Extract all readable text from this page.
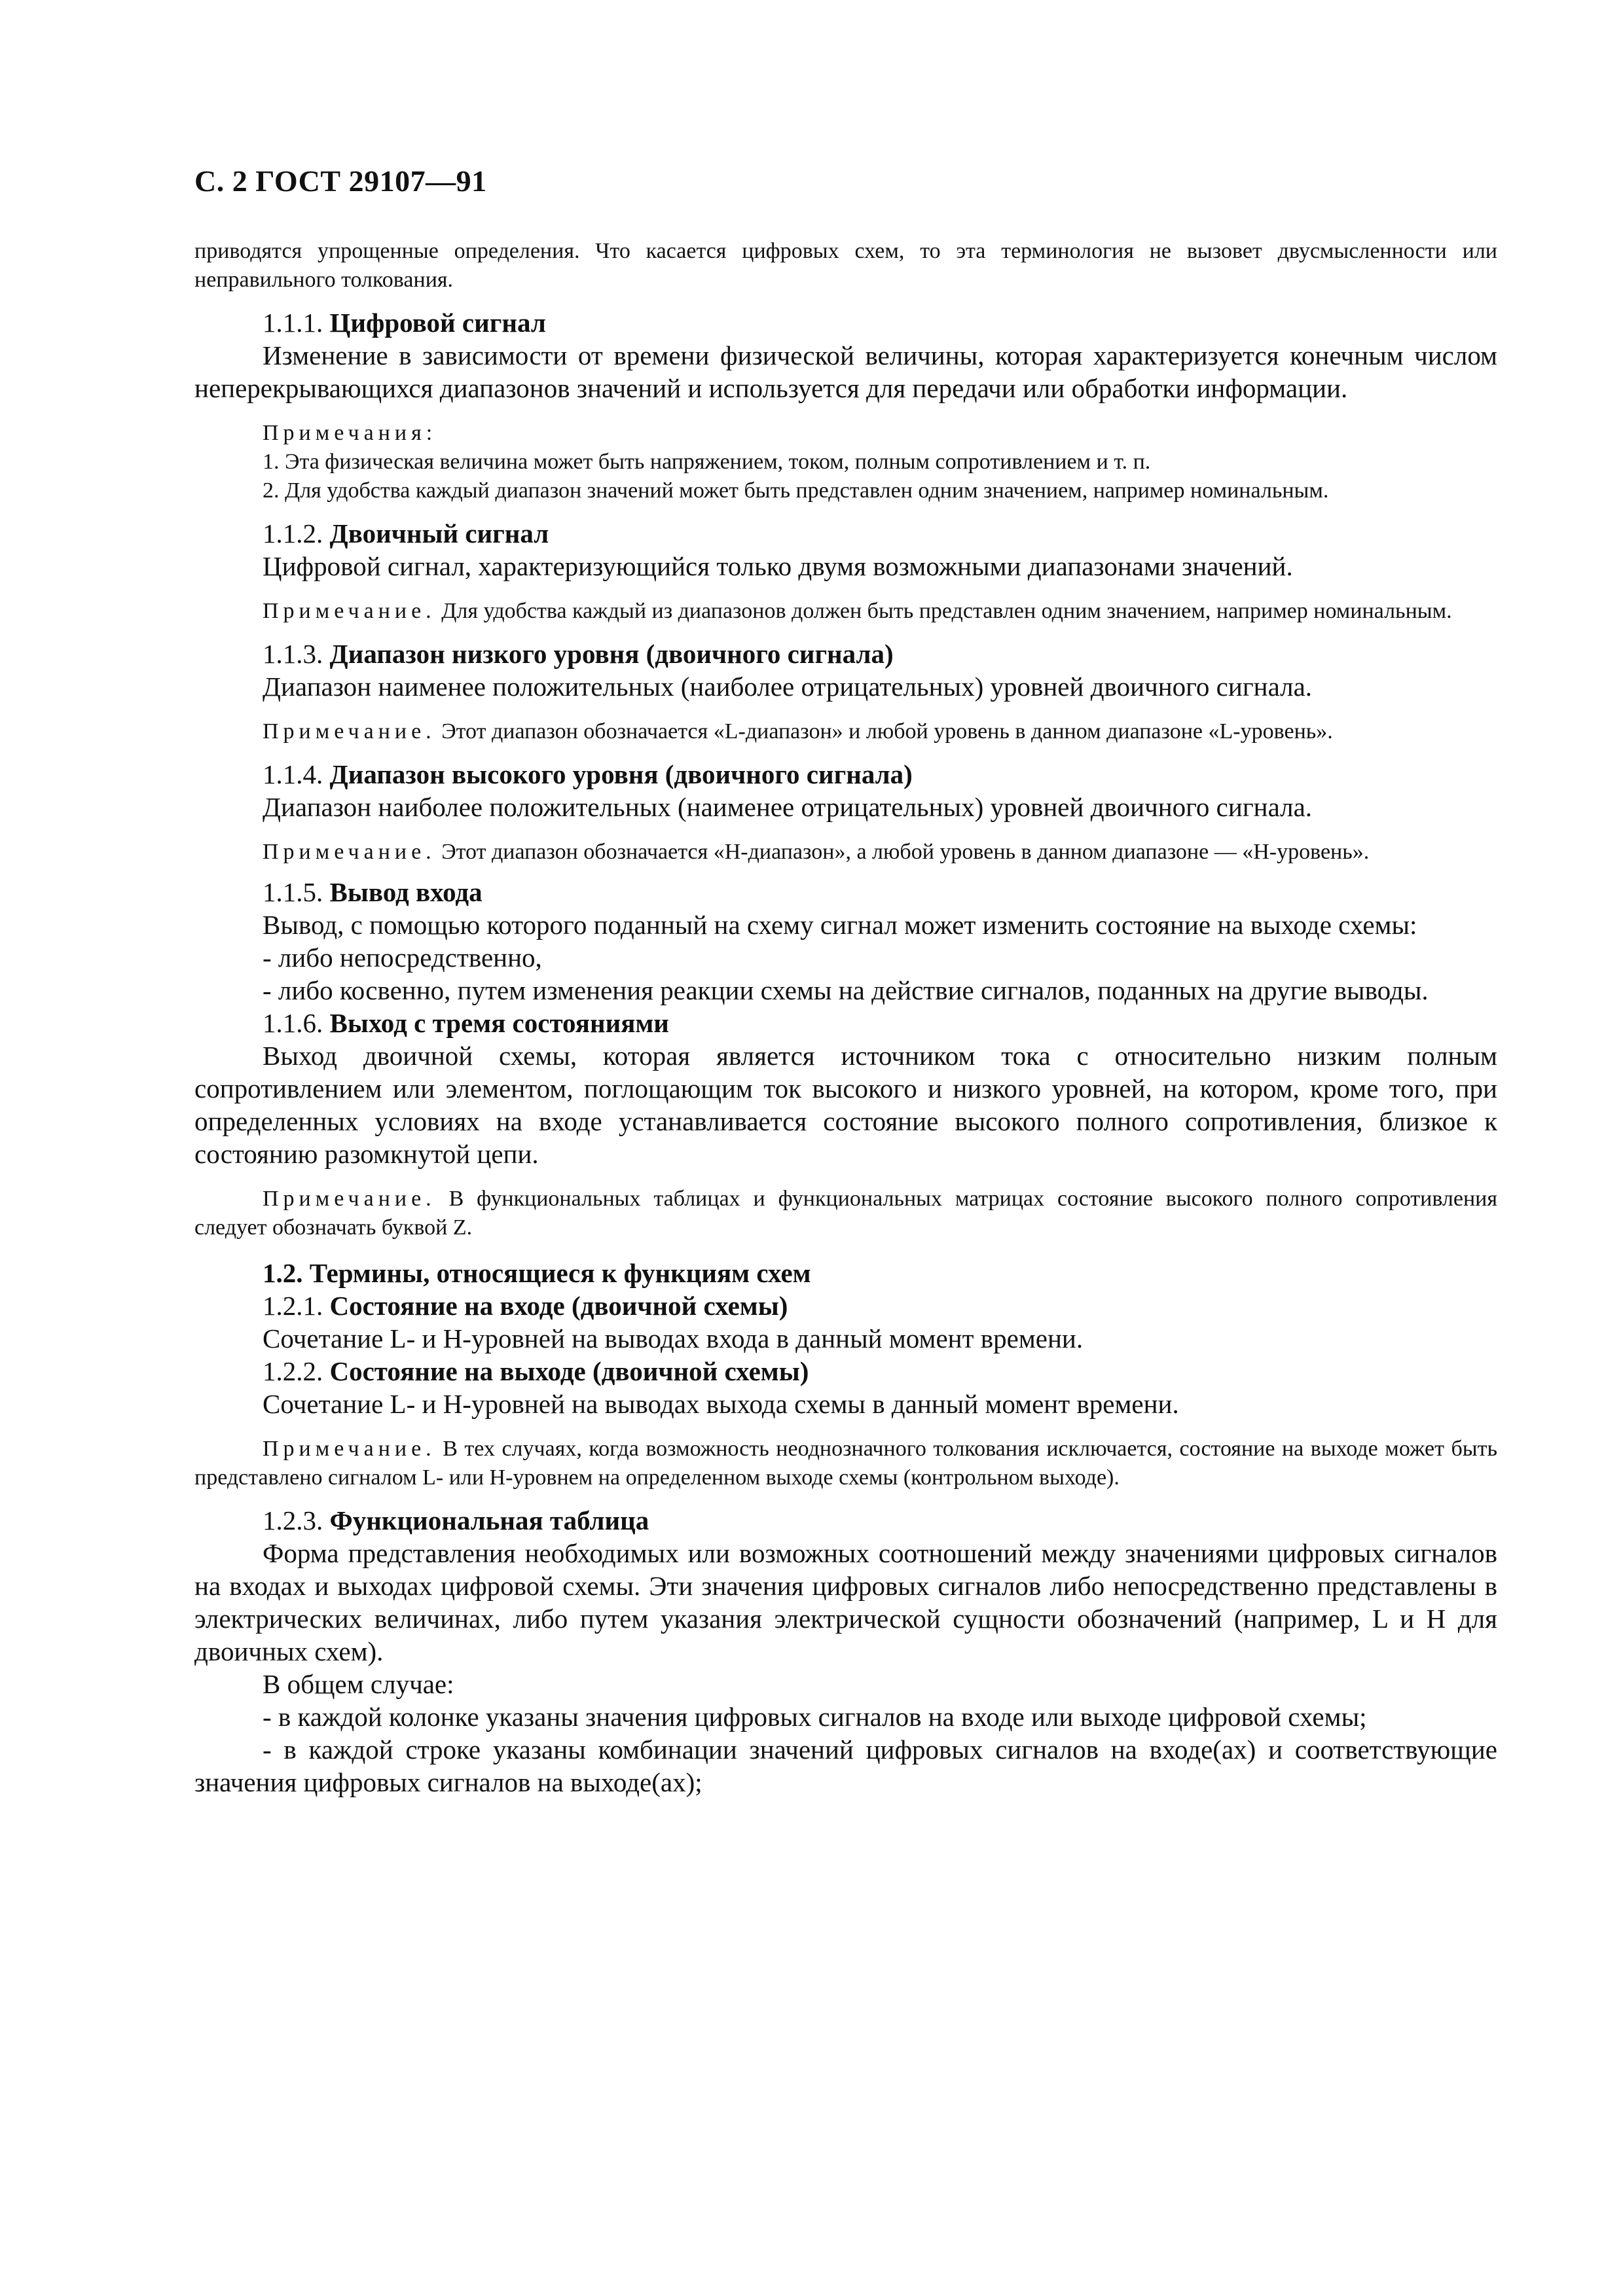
С. 2 ГОСТ 29107—91

приводятся упрощенные определения. Что касается цифровых схем, то эта терминология не вызовет двусмысленности или неправильного толкования.

1.1.1. Цифровой сигнал

Изменение в зависимости от времени физической величины, которая характеризуется конечным числом неперекрывающихся диапазонов значений и используется для передачи или обработки информации.

Примечания:

1. Эта физическая величина может быть напряжением, током, полным сопротивлением и т. п.

2. Для удобства каждый диапазон значений может быть представлен одним значением, например номинальным.

1.1.2. Двоичный сигнал

Цифровой сигнал, характеризующийся только двумя возможными диапазонами значений.

Примечание. Для удобства каждый из диапазонов должен быть представлен одним значением, например номинальным.

1.1.3. Диапазон низкого уровня (двоичного сигнала)

Диапазон наименее положительных (наиболее отрицательных) уровней двоичного сигнала.

Примечание. Этот диапазон обозначается «L-диапазон» и любой уровень в данном диапазоне «L-уровень».

1.1.4. Диапазон высокого уровня (двоичного сигнала)

Диапазон наиболее положительных (наименее отрицательных) уровней двоичного сигнала.

Примечание. Этот диапазон обозначается «Н-диапазон», а любой уровень в данном диапазоне — «Н-уровень».

1.1.5. Вывод входа

Вывод, с помощью которого поданный на схему сигнал может изменить состояние на выходе схемы:

- либо непосредственно,

- либо косвенно, путем изменения реакции схемы на действие сигналов, поданных на другие выводы.

1.1.6. Выход с тремя состояниями

Выход двоичной схемы, которая является источником тока с относительно низким полным сопротивлением или элементом, поглощающим ток высокого и низкого уровней, на котором, кроме того, при определенных условиях на входе устанавливается состояние высокого полного сопротивления, близкое к состоянию разомкнутой цепи.

Примечание. В функциональных таблицах и функциональных матрицах состояние высокого полного сопротивления следует обозначать буквой Z.

1.2. Термины, относящиеся к функциям схем
1.2.1. Состояние на входе (двоичной схемы)

Сочетание L- и Н-уровней на выводах входа в данный момент времени.

1.2.2. Состояние на выходе (двоичной схемы)

Сочетание L- и Н-уровней на выводах выхода схемы в данный момент времени.

Примечание. В тех случаях, когда возможность неоднозначного толкования исключается, состояние на выходе может быть представлено сигналом L- или Н-уровнем на определенном выходе схемы (контрольном выходе).

1.2.3. Функциональная таблица

Форма представления необходимых или возможных соотношений между значениями цифровых сигналов на входах и выходах цифровой схемы. Эти значения цифровых сигналов либо непосредственно представлены в электрических величинах, либо путем указания электрической сущности обозначений (например, L и Н для двоичных схем).

В общем случае:

- в каждой колонке указаны значения цифровых сигналов на входе или выходе цифровой схемы;

- в каждой строке указаны комбинации значений цифровых сигналов на входе(ах) и соответствующие значения цифровых сигналов на выходе(ах);
